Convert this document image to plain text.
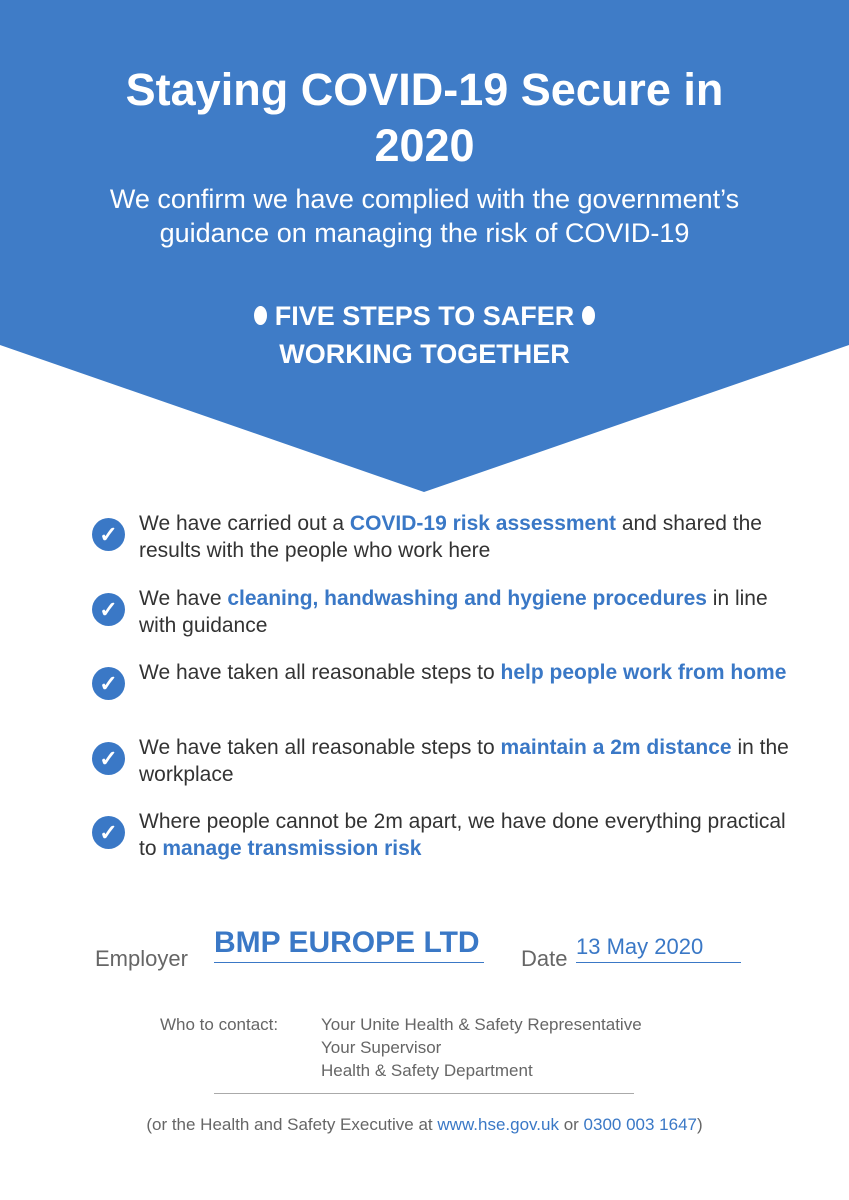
Staying COVID-19 Secure in
2020
We confirm we have complied with the government’s
guidance on managing the risk of COVID-19
FIVE STEPS TO SAFER
WORKING TOGETHER
✓	We have carried out a COVID-19 risk assessment and shared the results with the people who work here
✓	We have cleaning, handwashing and hygiene procedures in line with guidance
✓	We have taken all reasonable steps to help people work from home
✓	We have taken all reasonable steps to maintain a 2m distance in the workplace
✓	Where people cannot be 2m apart, we have done everything practical to manage transmission risk
Employer BMP EUROPE LTD Date 13 May 2020
Who to contact:	Your Unite Health & Safety Representative
Your Supervisor
Health & Safety Department
(or the Health and Safety Executive at www.hse.gov.uk or 0300 003 1647)
